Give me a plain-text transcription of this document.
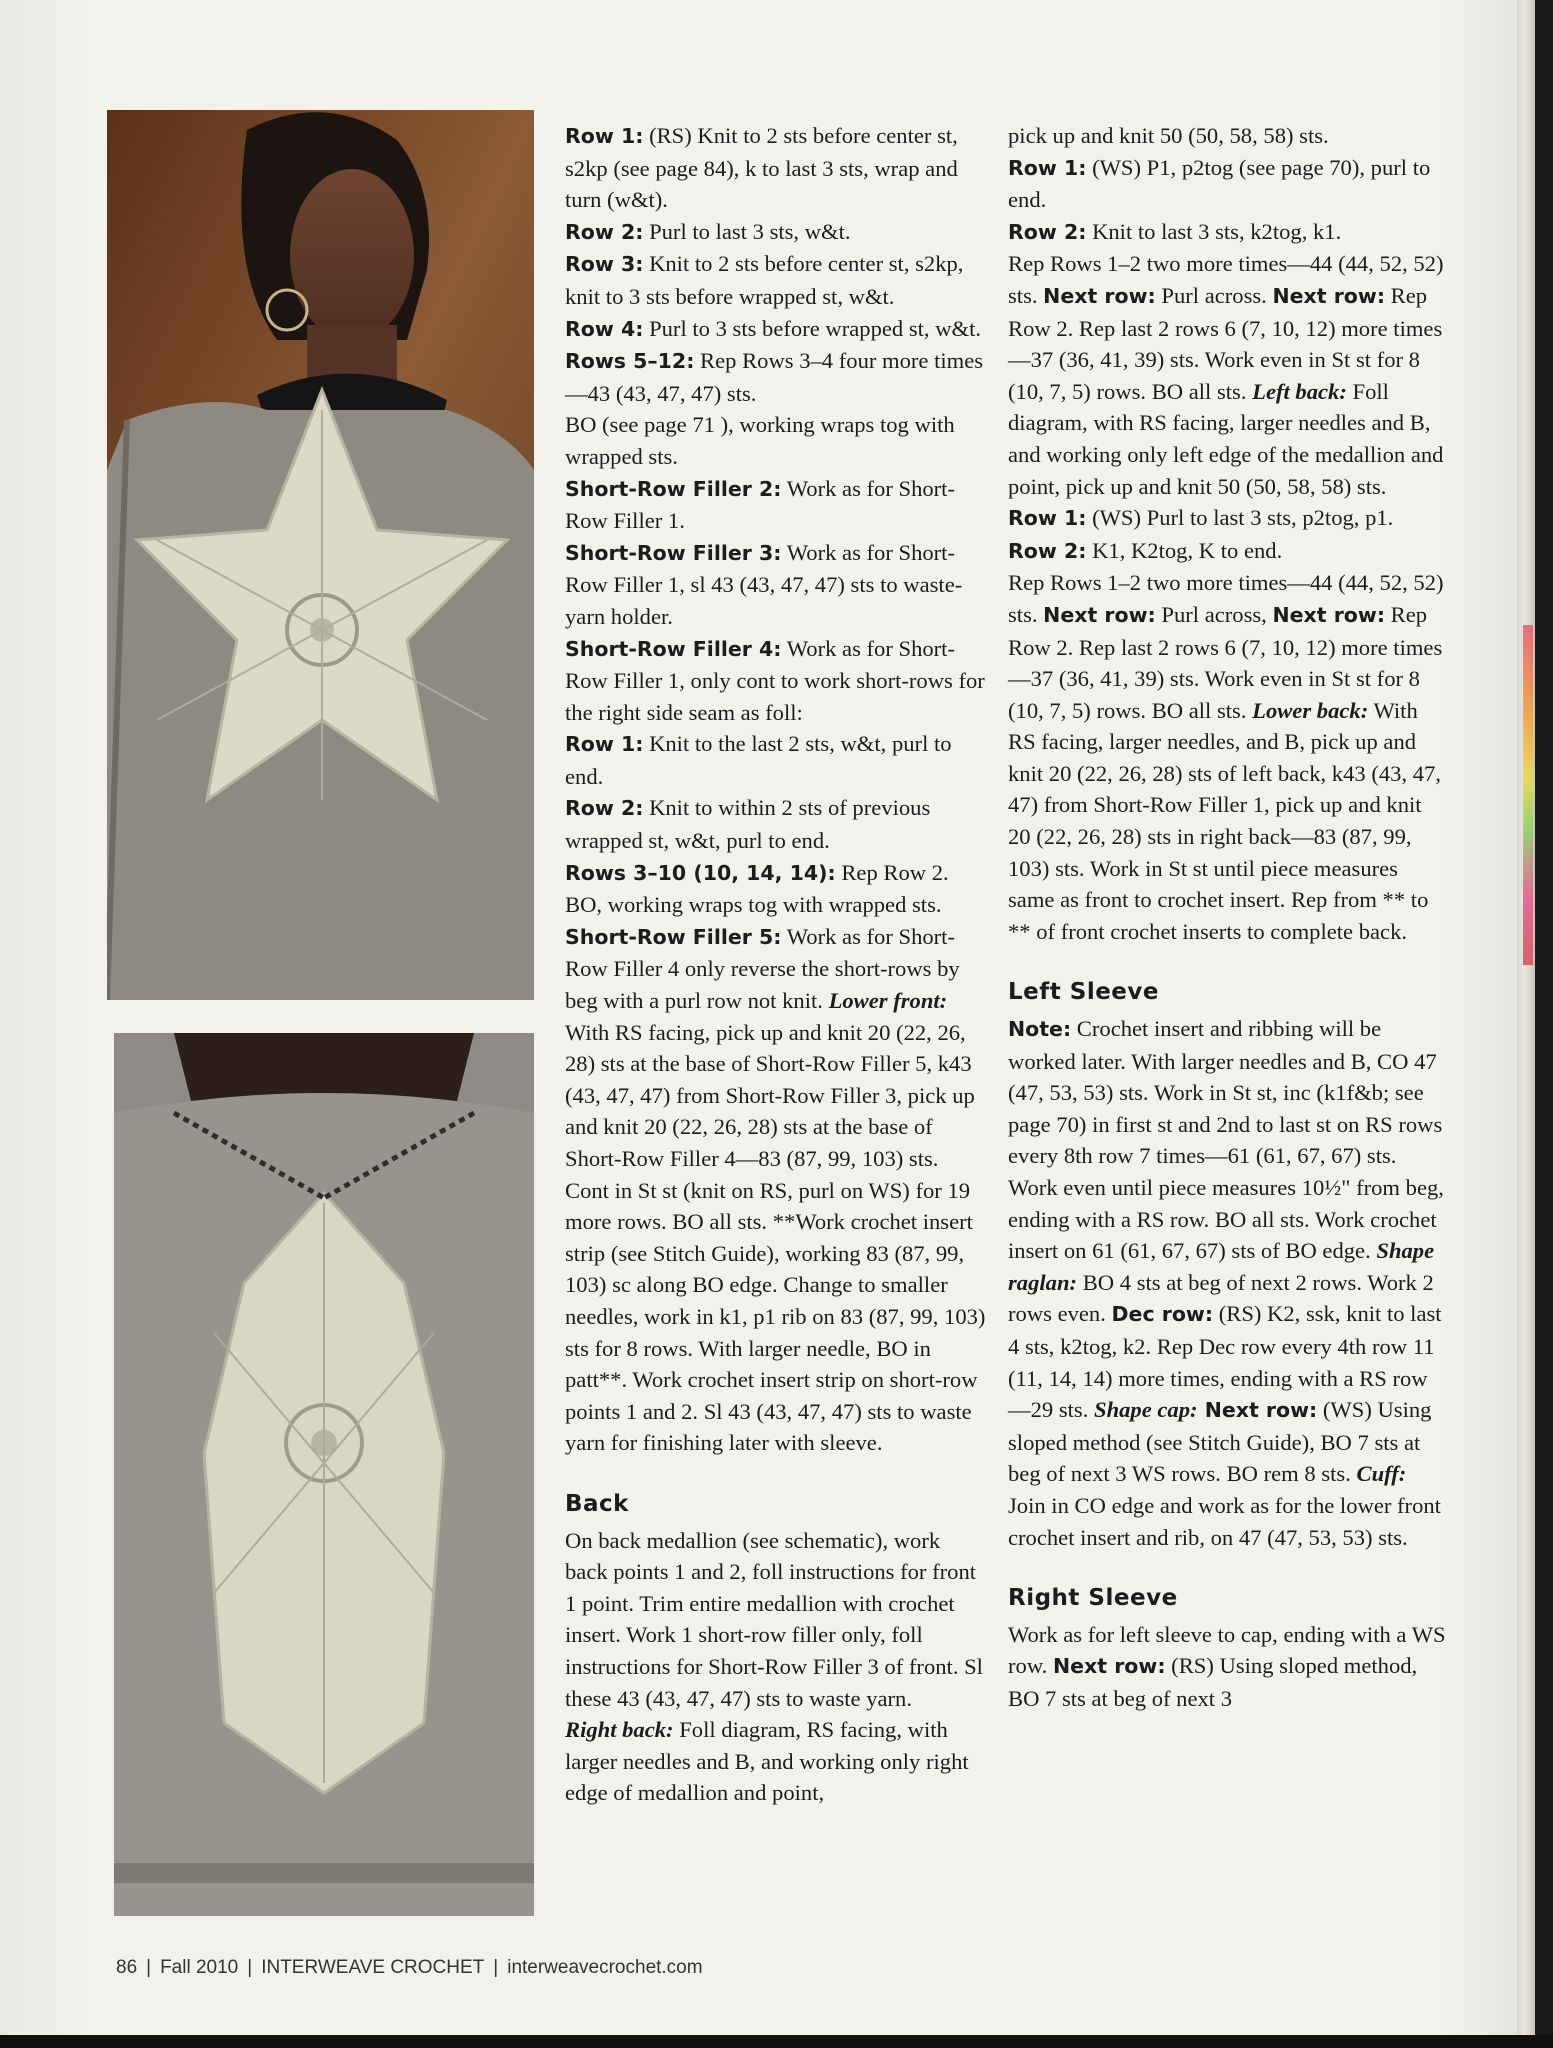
Row 1: (RS) Knit to 2 sts before center st, s2kp (see page 84), k to last 3 sts, wrap and turn (w&t).

Row 2: Purl to last 3 sts, w&t.

Row 3: Knit to 2 sts before center st, s2kp, knit to 3 sts before wrapped st, w&t.

Row 4: Purl to 3 sts before wrapped st, w&t.

Rows 5–12: Rep Rows 3–4 four more times—43 (43, 47, 47) sts.

BO (see page 71 ), working wraps tog with wrapped sts.

Short-Row Filler 2: Work as for Short-Row Filler 1.

Short-Row Filler 3: Work as for Short-Row Filler 1, sl 43 (43, 47, 47) sts to waste-yarn holder.

Short-Row Filler 4: Work as for Short-Row Filler 1, only cont to work short-rows for the right side seam as foll:

Row 1: Knit to the last 2 sts, w&t, purl to end.

Row 2: Knit to within 2 sts of previous wrapped st, w&t, purl to end.

Rows 3–10 (10, 14, 14): Rep Row 2.

BO, working wraps tog with wrapped sts. Short-Row Filler 5: Work as for Short-Row Filler 4 only reverse the short-rows by beg with a purl row not knit. Lower front: With RS facing, pick up and knit 20 (22, 26, 28) sts at the base of Short-Row Filler 5, k43 (43, 47, 47) from Short-Row Filler 3, pick up and knit 20 (22, 26, 28) sts at the base of Short-Row Filler 4—83 (87, 99, 103) sts. Cont in St st (knit on RS, purl on WS) for 19 more rows. BO all sts. **Work crochet insert strip (see Stitch Guide), working 83 (87, 99, 103) sc along BO edge. Change to smaller needles, work in k1, p1 rib on 83 (87, 99, 103) sts for 8 rows. With larger needle, BO in patt**. Work crochet insert strip on short-row points 1 and 2. Sl 43 (43, 47, 47) sts to waste yarn for finishing later with sleeve.

Back

On back medallion (see schematic), work back points 1 and 2, foll instructions for front 1 point. Trim entire medallion with crochet insert. Work 1 short-row filler only, foll instructions for Short-Row Filler 3 of front. Sl these 43 (43, 47, 47) sts to waste yarn.

Right back: Foll diagram, RS facing, with larger needles and B, and working only right edge of medallion and point,

pick up and knit 50 (50, 58, 58) sts.

Row 1: (WS) P1, p2tog (see page 70), purl to end.

Row 2: Knit to last 3 sts, k2tog, k1.

Rep Rows 1–2 two more times—44 (44, 52, 52) sts. Next row: Purl across. Next row: Rep Row 2. Rep last 2 rows 6 (7, 10, 12) more times—37 (36, 41, 39) sts. Work even in St st for 8 (10, 7, 5) rows. BO all sts. Left back: Foll diagram, with RS facing, larger needles and B, and working only left edge of the medallion and point, pick up and knit 50 (50, 58, 58) sts.

Row 1: (WS) Purl to last 3 sts, p2tog, p1.

Row 2: K1, K2tog, K to end.

Rep Rows 1–2 two more times—44 (44, 52, 52) sts. Next row: Purl across, Next row: Rep Row 2. Rep last 2 rows 6 (7, 10, 12) more times—37 (36, 41, 39) sts. Work even in St st for 8 (10, 7, 5) rows. BO all sts. Lower back: With RS facing, larger needles, and B, pick up and knit 20 (22, 26, 28) sts of left back, k43 (43, 47, 47) from Short-Row Filler 1, pick up and knit 20 (22, 26, 28) sts in right back—83 (87, 99, 103) sts. Work in St st until piece measures same as front to crochet insert. Rep from ** to ** of front crochet inserts to complete back.

Left Sleeve

Note: Crochet insert and ribbing will be worked later. With larger needles and B, CO 47 (47, 53, 53) sts. Work in St st, inc (k1f&b; see page 70) in first st and 2nd to last st on RS rows every 8th row 7 times—61 (61, 67, 67) sts. Work even until piece measures 10½" from beg, ending with a RS row. BO all sts. Work crochet insert on 61 (61, 67, 67) sts of BO edge. Shape raglan: BO 4 sts at beg of next 2 rows. Work 2 rows even. Dec row: (RS) K2, ssk, knit to last 4 sts, k2tog, k2. Rep Dec row every 4th row 11 (11, 14, 14) more times, ending with a RS row—29 sts. Shape cap: Next row: (WS) Using sloped method (see Stitch Guide), BO 7 sts at beg of next 3 WS rows. BO rem 8 sts. Cuff: Join in CO edge and work as for the lower front crochet insert and rib, on 47 (47, 53, 53) sts.

Right Sleeve

Work as for left sleeve to cap, ending with a WS row. Next row: (RS) Using sloped method, BO 7 sts at beg of next 3

86 | Fall 2010 | INTERWEAVE CROCHET | interweavecrochet.com
